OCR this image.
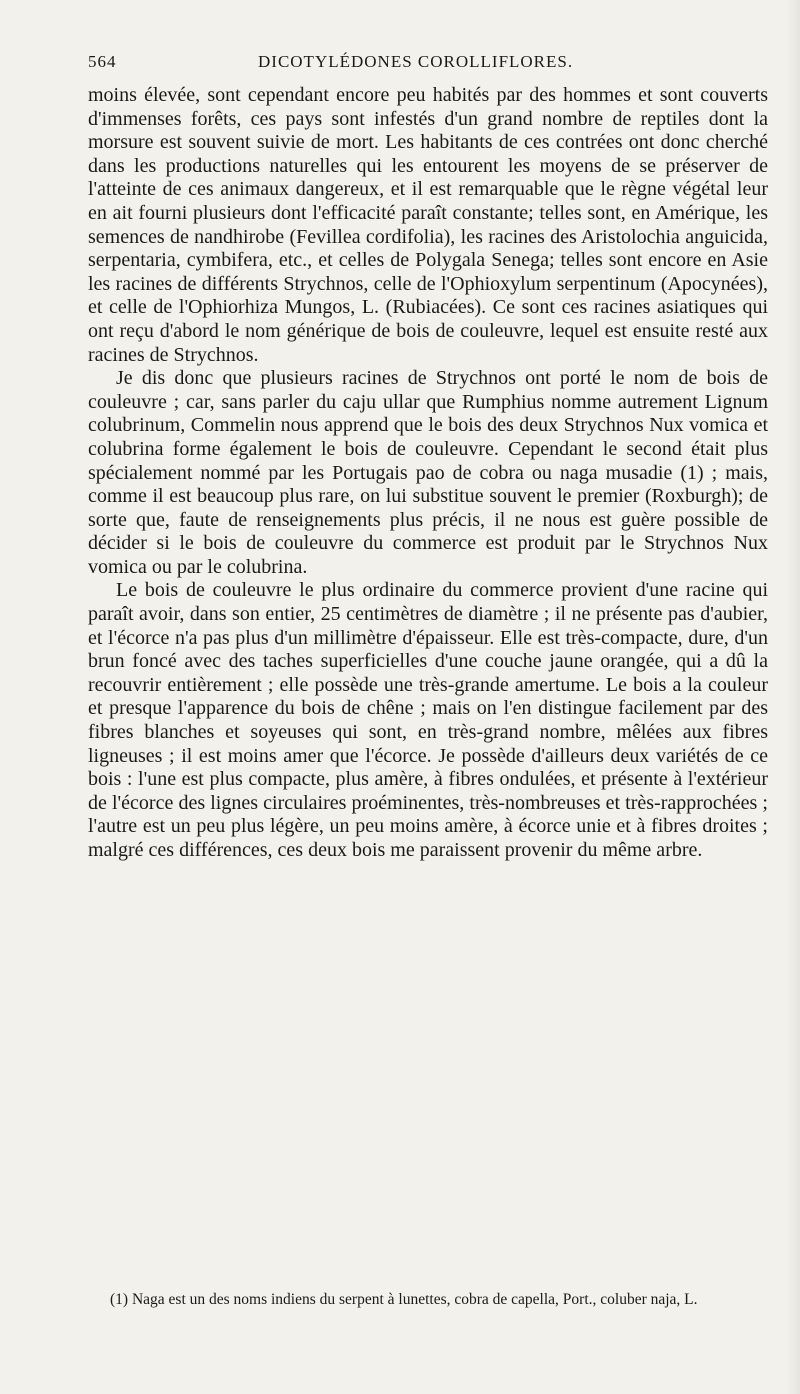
564	DICOTYLÉDONES COROLLIFLORES.

moins élevée, sont cependant encore peu habités par des hommes et sont couverts d'immenses forêts, ces pays sont infestés d'un grand nombre de reptiles dont la morsure est souvent suivie de mort. Les habitants de ces contrées ont donc cherché dans les productions naturelles qui les entourent les moyens de se préserver de l'atteinte de ces animaux dangereux, et il est remarquable que le règne végétal leur en ait fourni plusieurs dont l'efficacité paraît constante; telles sont, en Amérique, les semences de nandhirobe (Fevillea cordifolia), les racines des Aristolochia anguicida, serpentaria, cymbifera, etc., et celles de Polygala Senega; telles sont encore en Asie les racines de différents Strychnos, celle de l'Ophioxylum serpentinum (Apocynées), et celle de l'Ophiorhiza Mungos, L. (Rubiacées). Ce sont ces racines asiatiques qui ont reçu d'abord le nom générique de bois de couleuvre, lequel est ensuite resté aux racines de Strychnos.

Je dis donc que plusieurs racines de Strychnos ont porté le nom de bois de couleuvre ; car, sans parler du caju ullar que Rumphius nomme autrement Lignum colubrinum, Commelin nous apprend que le bois des deux Strychnos Nux vomica et colubrina forme également le bois de couleuvre. Cependant le second était plus spécialement nommé par les Portugais pao de cobra ou naga musadie (1) ; mais, comme il est beaucoup plus rare, on lui substitue souvent le premier (Roxburgh); de sorte que, faute de renseignements plus précis, il ne nous est guère possible de décider si le bois de couleuvre du commerce est produit par le Strychnos Nux vomica ou par le colubrina.

Le bois de couleuvre le plus ordinaire du commerce provient d'une racine qui paraît avoir, dans son entier, 25 centimètres de diamètre ; il ne présente pas d'aubier, et l'écorce n'a pas plus d'un millimètre d'épaisseur. Elle est très-compacte, dure, d'un brun foncé avec des taches superficielles d'une couche jaune orangée, qui a dû la recouvrir entièrement ; elle possède une très-grande amertume. Le bois a la couleur et presque l'apparence du bois de chêne ; mais on l'en distingue facilement par des fibres blanches et soyeuses qui sont, en très-grand nombre, mêlées aux fibres ligneuses ; il est moins amer que l'écorce. Je possède d'ailleurs deux variétés de ce bois : l'une est plus compacte, plus amère, à fibres ondulées, et présente à l'extérieur de l'écorce des lignes circulaires proéminentes, très-nombreuses et très-rapprochées ; l'autre est un peu plus légère, un peu moins amère, à écorce unie et à fibres droites ; malgré ces différences, ces deux bois me paraissent provenir du même arbre.

(1) Naga est un des noms indiens du serpent à lunettes, cobra de capella, Port., coluber naja, L.
